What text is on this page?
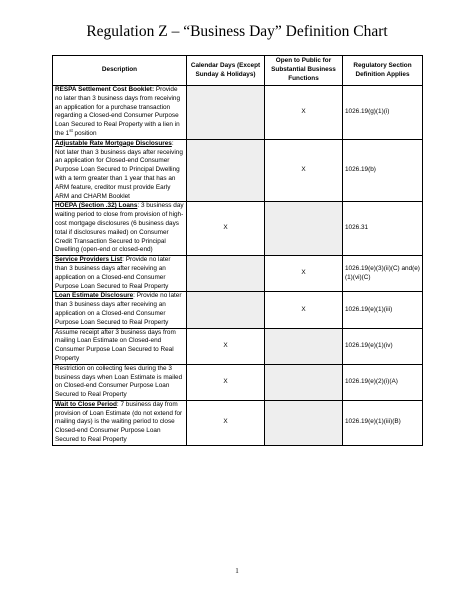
Regulation Z – “Business Day” Definition Chart
Description	Calendar Days (Except Sunday & Holidays)	Open to Public for Substantial Business Functions	Regulatory Section Definition Applies
RESPA Settlement Cost Booklet: Provide no later than 3 business days from receiving an application for a purchase transaction regarding a Closed-end Consumer Purpose Loan Secured to Real Property with a lien in the 1st position		X	1026.19(g)(1)(i)
Adjustable Rate Mortgage Disclosures: Not later than 3 business days after receiving an application for Closed-end Consumer Purpose Loan Secured to Principal Dwelling with a term greater than 1 year that has an ARM feature, creditor must provide Early ARM and CHARM Booklet		X	1026.19(b)
HOEPA (Section .32) Loans: 3 business day waiting period to close from provision of high-cost mortgage disclosures (6 business days total if disclosures mailed) on Consumer Credit Transaction Secured to Principal Dwelling (open-end or closed-end)	X		1026.31
Service Providers List: Provide no later than 3 business days after receiving an application on a Closed-end Consumer Purpose Loan Secured to Real Property		X	1026.19(e)(3)(ii)(C) and(e)(1)(vi)(C)
Loan Estimate Disclosure: Provide no later than 3 business days after receiving an application on a Closed-end Consumer Purpose Loan Secured to Real Property		X	1026.19(e)(1)(iii)
Assume receipt after 3 business days from mailing Loan Estimate on Closed-end Consumer Purpose Loan Secured to Real Property	X		1026.19(e)(1)(iv)
Restriction on collecting fees during the 3 business days when Loan Estimate is mailed on Closed-end Consumer Purpose Loan Secured to Real Property	X		1026.19(e)(2)(i)(A)
Wait to Close Period: 7 business day from provision of Loan Estimate (do not extend for mailing days) is the waiting period to close Closed-end Consumer Purpose Loan Secured to Real Property	X		1026.19(e)(1)(iii)(B)
1
